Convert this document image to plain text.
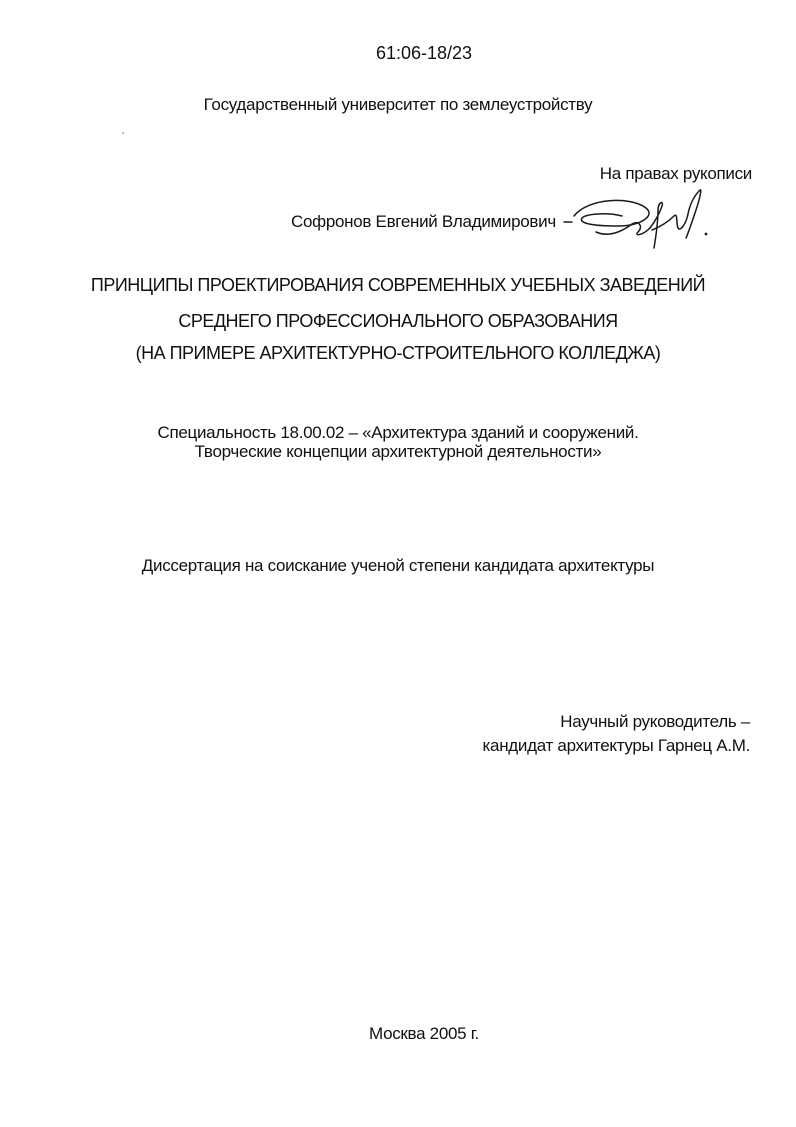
61:06-18/23
Государственный университет по землеустройству
На правах рукописи
Софронов Евгений Владимирович
ПРИНЦИПЫ ПРОЕКТИРОВАНИЯ СОВРЕМЕННЫХ УЧЕБНЫХ ЗАВЕДЕНИЙ
СРЕДНЕГО ПРОФЕССИОНАЛЬНОГО ОБРАЗОВАНИЯ
(НА ПРИМЕРЕ АРХИТЕКТУРНО-СТРОИТЕЛЬНОГО КОЛЛЕДЖА)
Специальность 18.00.02 – «Архитектура зданий и сооружений.
Творческие концепции архитектурной деятельности»
Диссертация на соискание ученой степени кандидата архитектуры
Научный руководитель –
кандидат архитектуры Гарнец А.М.
Москва 2005 г.
